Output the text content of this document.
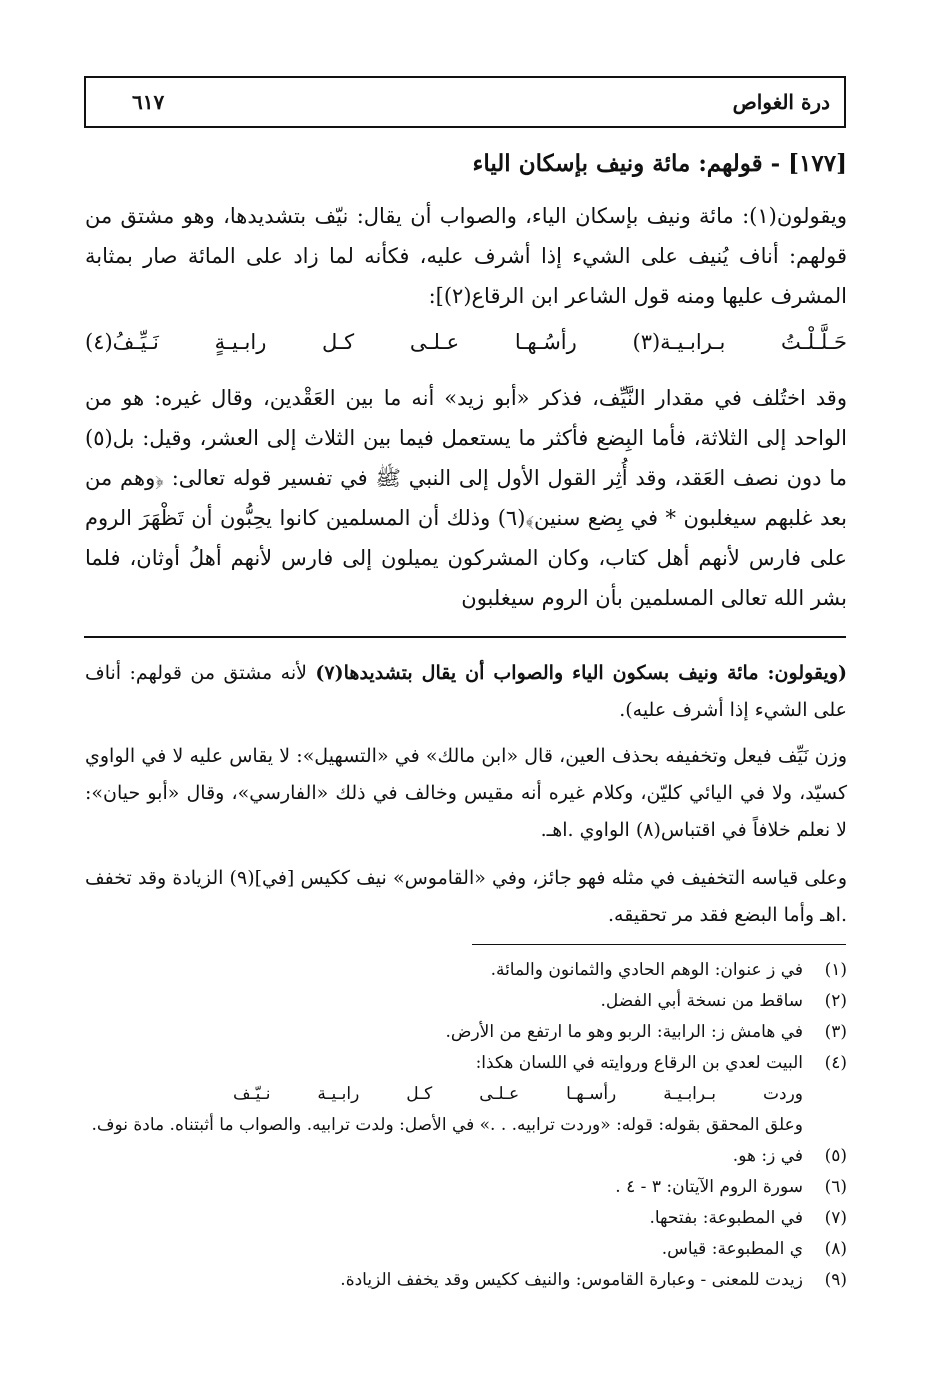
درة الغواص
٦١٧
[١٧٧] - قولهم: مائة ونيف بإسكان الياء

ويقولون(١): مائة ونيف بإسكان الياء، والصواب أن يقال: نيّف بتشديدها، وهو مشتق من قولهم: أناف يُنيف على الشيء إذا أشرف عليه، فكأنه لما زاد على المائة صار بمثابة المشرف عليها ومنه قول الشاعر ابن الرقاع(٢)]:

حَـلَّـلْـتُ
بـرابـيـة(٣)
رأسُـهـا
عـلـى
كـل
رابـيـةٍ
نَـيِّـفُ(٤)

وقد اختُلف في مقدار النَّيِّف، فذكر «أبو زيد» أنه ما بين العَقْدين، وقال غيره: هو من الواحد إلى الثلاثة، فأما البِضع فأكثر ما يستعمل فيما بين الثلاث إلى العشر، وقيل: بل(٥) ما دون نصف العَقد، وقد أُثِر القول الأول إلى النبي ﷺ في تفسير قوله تعالى: ﴿وهم من بعد غلبهم سيغلبون * في بِضع سنين﴾(٦) وذلك أن المسلمين كانوا يحِبُّون أن تَظْهَرَ الروم على فارس لأنهم أهل كتاب، وكان المشركون يميلون إلى فارس لأنهم أهلُ أوثان، فلما بشر الله تعالى المسلمين بأن الروم سيغلبون

(ويقولون: مائة ونيف بسكون الياء والصواب أن يقال بتشديدها(٧) لأنه مشتق من قولهم: أناف على الشيء إذا أشرف عليه).

وزن نَيِّف فيعل وتخفيفه بحذف العين، قال «ابن مالك» في «التسهيل»: لا يقاس عليه لا في الواوي كسيّد، ولا في اليائي كليّن، وكلام غيره أنه مقيس وخالف في ذلك «الفارسي»، وقال «أبو حيان»: لا نعلم خلافاً في اقتباس(٨) الواوي .اهـ.

وعلى قياسه التخفيف في مثله فهو جائز، وفي «القاموس» نيف ككيس [في](٩) الزيادة وقد تخفف .اهـ وأما البضع فقد مر تحقيقه.

(١)
في ز عنوان: الوهم الحادي والثمانون والمائة.
(٢)
ساقط من نسخة أبي الفضل.
(٣)
في هامش ز: الرابية: الربو وهو ما ارتفع من الأرض.
(٤)
البيت لعدي بن الرقاع وروايته في اللسان هكذا:
وردت
بـرابـيـة
رأسـهـا
عـلـى
كـل
رابـيـة
نـيّـف
وعلق المحقق بقوله: قوله: «وردت ترابيه. . .» في الأصل: ولدت ترابيه. والصواب ما أثبتناه. مادة نوف.
(٥)
في ز: هو.
(٦)
سورة الروم الآيتان: ٣ - ٤ .
(٧)
في المطبوعة: بفتحها.
(٨)
ي المطبوعة: قياس.
(٩)
زيدت للمعنى - وعبارة القاموس: والنيف ككيس وقد يخفف الزيادة.
